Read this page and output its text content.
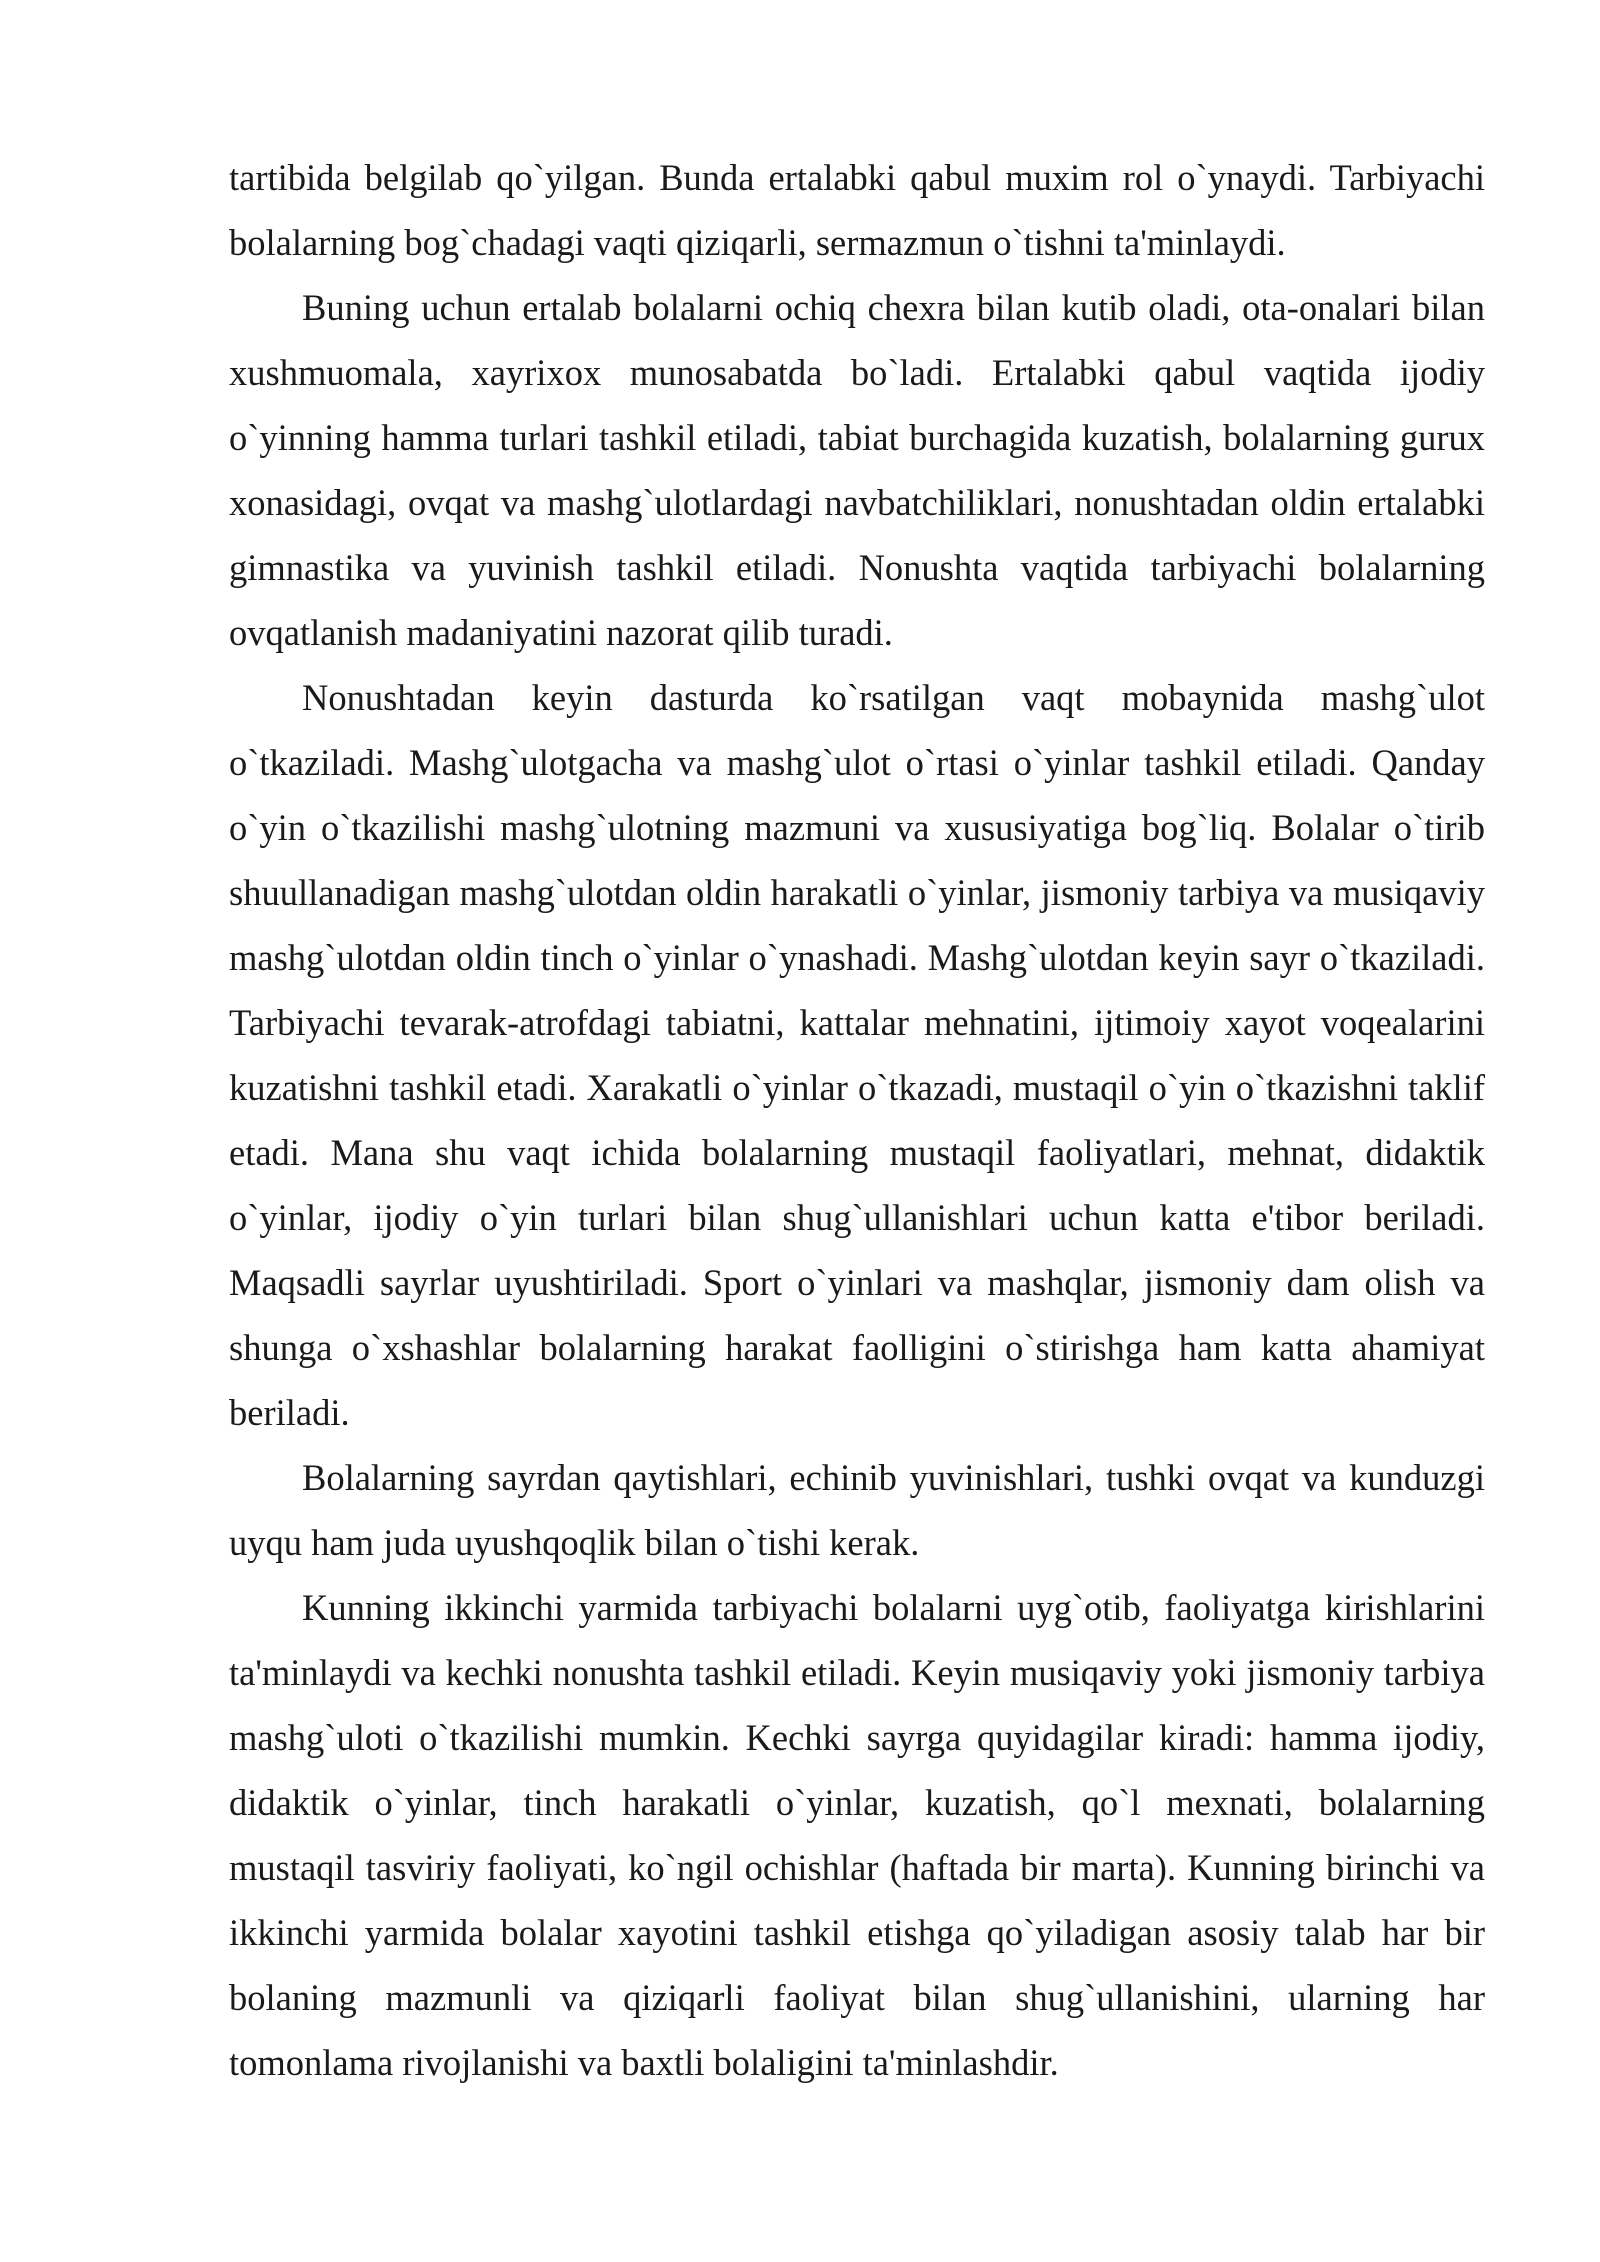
tartibida belgilab qo`yilgan. Bunda ertalabki qabul muxim rol o`ynaydi. Tarbiyachi bolalarning bog`chadagi vaqti qiziqarli, sermazmun o`tishni ta'minlaydi.

Buning uchun ertalab bolalarni ochiq chexra bilan kutib oladi, ota-onalari bilan xushmuomala, xayrixox munosabatda bo`ladi. Ertalabki qabul vaqtida ijodiy o`yinning hamma turlari tashkil etiladi, tabiat burchagida kuzatish, bolalarning gurux xonasidagi, ovqat va mashg`ulotlardagi navbatchiliklari, nonushtadan oldin ertalabki gimnastika va yuvinish tashkil etiladi. Nonushta vaqtida tarbiyachi bolalarning ovqatlanish madaniyatini nazorat qilib turadi.

Nonushtadan keyin dasturda ko`rsatilgan vaqt mobaynida mashg`ulot o`tkaziladi. Mashg`ulotgacha va mashg`ulot o`rtasi o`yinlar tashkil etiladi. Qanday o`yin o`tkazilishi mashg`ulotning mazmuni va xususiyatiga bog`liq. Bolalar o`tirib shuullanadigan mashg`ulotdan oldin harakatli o`yinlar, jismoniy tarbiya va musiqaviy mashg`ulotdan oldin tinch o`yinlar o`ynashadi. Mashg`ulotdan keyin sayr o`tkaziladi. Tarbiyachi tevarak-atrofdagi tabiatni, kattalar mehnatini, ijtimoiy xayot voqealarini kuzatishni tashkil etadi. Xarakatli o`yinlar o`tkazadi, mustaqil o`yin o`tkazishni taklif etadi. Mana shu vaqt ichida bolalarning mustaqil faoliyatlari, mehnat, didaktik o`yinlar, ijodiy o`yin turlari bilan shug`ullanishlari uchun katta e'tibor beriladi. Maqsadli sayrlar uyushtiriladi. Sport o`yinlari va mashqlar, jismoniy dam olish va shunga o`xshashlar bolalarning harakat faolligini o`stirishga ham katta ahamiyat beriladi.

Bolalarning sayrdan qaytishlari, echinib yuvinishlari, tushki ovqat va kunduzgi uyqu ham juda uyushqoqlik bilan o`tishi kerak.

Kunning ikkinchi yarmida tarbiyachi bolalarni uyg`otib, faoliyatga kirishlarini ta'minlaydi va kechki nonushta tashkil etiladi. Keyin musiqaviy yoki jismoniy tarbiya mashg`uloti o`tkazilishi mumkin. Kechki sayrga quyidagilar kiradi: hamma ijodiy, didaktik o`yinlar, tinch harakatli o`yinlar, kuzatish, qo`l mexnati, bolalarning mustaqil tasviriy faoliyati, ko`ngil ochishlar (haftada bir marta). Kunning birinchi va ikkinchi yarmida bolalar xayotini tashkil etishga qo`yiladigan asosiy talab har bir bolaning mazmunli va qiziqarli faoliyat bilan shug`ullanishini, ularning har tomonlama rivojlanishi va baxtli bolaligini ta'minlashdir.
